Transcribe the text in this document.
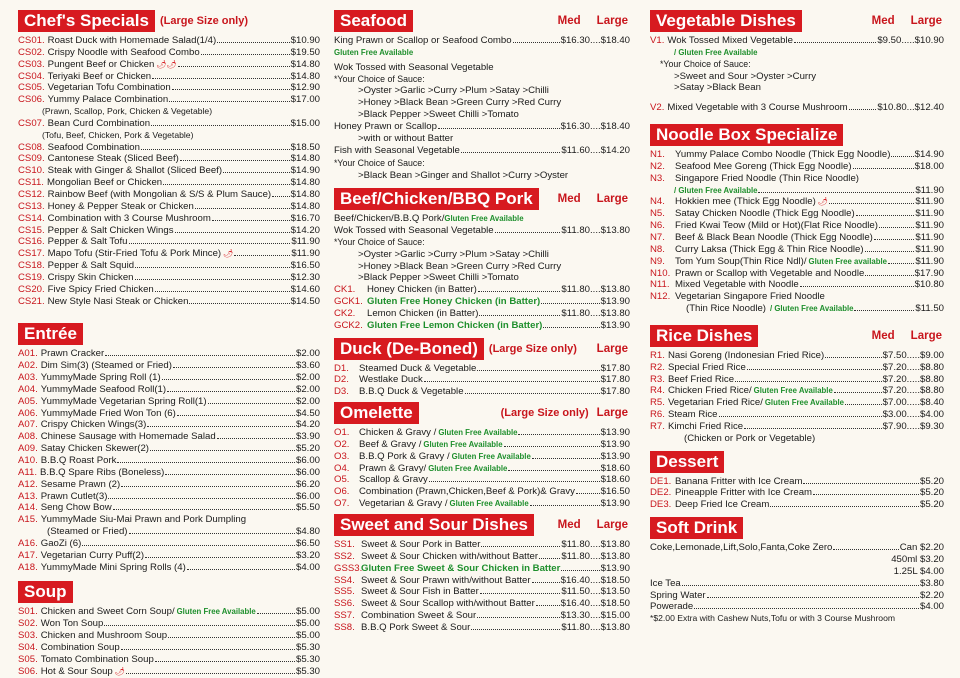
Chef's Specials	(Large Size only)
CS01. Roast Duck with Homemade Salad(1/4)	$10.90
CS02. Crispy Noodle with Seafood Combo	$19.50
CS03. Pungent Beef or Chicken 🌶🌶	$14.80
CS04. Teriyaki Beef or Chicken	$14.80
CS05. Vegetarian Tofu Combination	$12.90
CS06. Yummy Palace Combination	$17.00
(Prawn, Scallop, Pork, Chicken & Vegetable)
CS07. Bean Curd Combination	$15.00
(Tofu, Beef, Chicken, Pork & Vegetable)
CS08. Seafood Combination	$18.50
CS09. Cantonese Steak (Sliced Beef)	$14.80
CS10. Steak with Ginger & Shallot (Sliced Beef)	$14.90
CS11. Mongolian Beef or Chicken	$14.80
CS12. Rainbow Beef (with Mongolian & S/S & Plum Sauce) $14.80
CS13. Honey & Pepper Steak or Chicken	$14.80
CS14. Combination with 3 Course Mushroom	$16.70
CS15. Pepper & Salt Chicken Wings	$14.20
CS16. Pepper & Salt Tofu	$11.90
CS17. Mapo Tofu (Stir-Fried Tofu & Pork Mince) 🌶	$11.90
CS18. Pepper & Salt Squid	$16.50
CS19. Crispy Skin Chicken	$12.30
CS20. Five Spicy Fried Chicken	$14.60
CS21. New Style Nasi Steak or Chicken	$14.50
Entrée
A01. Prawn Cracker	$2.00
A02. Dim Sim(3) (Steamed or Fried)	$3.60
A03. YummyMade Spring Roll (1)	$2.00
A04. YummyMade Seafood Roll(1)	$2.00
A05. YummyMade Vegetarian Spring Roll(1)	$2.00
A06. YummyMade Fried Won Ton (6)	$4.50
A07. Crispy Chicken Wings(3)	$4.20
A08. Chinese Sausage with Homemade Salad	$3.90
A09. Satay Chicken Skewer(2)	$5.20
A10. B.B.Q Roast Pork	$6.00
A11. B.B.Q Spare Ribs (Boneless)	$6.00
A12. Sesame Prawn (2)	$6.20
A13. Prawn Cutlet(3)	$6.00
A14. Seng Chow Bow	$5.50
A15. YummyMade Siu-Mai Prawn and Pork Dumpling
(Steamed or Fried)	$4.80
A16. GaoZi (6)	$6.50
A17. Vegetarian Curry Puff(2)	$3.20
A18. YummyMade Mini Spring Rolls (4)	$4.00
Soup
S01. Chicken and Sweet Corn Soup/ Gluten Free Available	$5.00
S02. Won Ton Soup	$5.00
S03. Chicken and Mushroom Soup	$5.00
S04. Combination Soup	$5.30
S05. Tomato Combination Soup	$5.30
S06. Hot & Sour Soup 🌶	$5.30
Seafood	Med Large
King Prawn or Scallop or Seafood Combo	$16.30....$18.40
Gluten Free Available
Wok Tossed with Seasonal Vegetable
*Your Choice of Sauce:
>Oyster >Garlic >Curry >Plum >Satay >Chilli
>Honey >Black Bean >Green Curry >Red Curry
>Black Pepper >Sweet Chilli >Tomato
Honey Prawn or Scallop	$16.30....$18.40
>with or without Batter
Fish with Seasonal Vegetable	$11.60....$14.20
*Your Choice of Sauce:
>Black Bean >Ginger and Shallot >Curry >Oyster
Beef/Chicken/BBQ Pork	Med Large
Beef/Chicken/B.B.Q Pork/Gluten Free Available
Wok Tossed with Seasonal Vegetable	$11.80....$13.80
*Your Choice of Sauce:
>Oyster >Garlic >Curry >Plum >Satay >Chilli
>Honey >Black Bean >Green Curry >Red Curry
>Black Pepper >Sweet Chilli >Tomato
CK1.	Honey Chicken (in Batter)	$11.80....$13.80
GCK1. Gluten Free Honey Chicken (in Batter)	$13.90
CK2.	Lemon Chicken (in Batter)	$11.80....$13.80
GCK2. Gluten Free Lemon Chicken (in Batter)	$13.90
Duck (De-Boned)	(Large Size only) Large
D1.	Steamed Duck & Vegetable	$17.80
D2.	Westlake Duck	$17.80
D3.	B.B.Q Duck & Vegetable	$17.80
Omelette	(Large Size only) Large
O1. Chicken & Gravy / Gluten Free Available	$13.90
O2. Beef & Gravy / Gluten Free Available	$13.90
O3. B.B.Q Pork & Gravy / Gluten Free Available	$13.90
O4. Prawn & Gravy/ Gluten Free Available	$18.60
O5. Scallop & Gravy	$18.60
O6. Combination (Prawn,Chicken,Beef & Pork)& Gravy	$16.50
O7. Vegetarian & Gravy / Gluten Free Available	$13.90
Sweet and Sour Dishes	Med Large
SS1. Sweet & Sour Pork in Batter	$11.80....$13.80
SS2. Sweet & Sour Chicken with/without Batter $11.80....$13.80
GSS3.
Gluten Free Sweet & Sour Chicken in Batter	$13.90
SS4. Sweet & Sour Prawn with/without Batter	$16.40....$18.50
SS5. Sweet & Sour Fish in Batter	$11.50....$13.50
SS6. Sweet & Sour Scallop with/without Batter	$16.40....$18.50
SS7. Combination Sweet & Sour	$13.30....$15.00
SS8. B.B.Q Pork Sweet & Sour	$11.80....$13.80
Vegetable Dishes	Med Large
V1. Wok Tossed Mixed Vegetable	$9.50.....$10.90
/ Gluten Free Available
*Your Choice of Sauce:
>Sweet and Sour >Oyster >Curry
>Satay >Black Bean
V2. Mixed Vegetable with 3 Course Mushroom	$10.80...$12.40
Noodle Box Specialize
N1.	Yummy Palace Combo Noodle (Thick Egg Noodle)	$14.90
N2.	Seafood Mee Goreng (Thick Egg Noodle)	$18.00
N3.	Singapore Fried Noodle (Thin Rice Noodle)
/ Gluten Free Available	$11.90
N4.	Hokkien mee (Thick Egg Noodle) 🌶	$11.90
N5.	Satay Chicken Noodle (Thick Egg Noodle)	$11.90
N6.	Fried Kwai Teow (Mild or Hot)(Flat Rice Noodle)	$11.90
N7.	Beef & Black Bean Noodle (Thick Egg Noodle)	$11.90
N8.	Curry Laksa (Thick Egg & Thin Rice Noodle)	$11.90
N9.	Tom Yum Soup(Thin Rice Ndl)/ Gluten Free available	$11.90
N10. Prawn or Scallop with Vegetable and Noodle	$17.90
N11. Mixed Vegetable with Noodle	$10.80
N12. Vegetarian Singapore Fried Noodle
(Thin Rice Noodle) / Gluten Free Available	$11.50
Rice Dishes	Med Large
R1. Nasi Goreng (Indonesian Fried Rice)	$7.50.....$9.00
R2. Special Fried Rice	$7.20.....$8.80
R3. Beef Fried Rice	$7.20.....$8.80
R4. Chicken Fried Rice/ Gluten Free Available	$7.20.....$8.80
R5. Vegetarian Fried Rice/ Gluten Free Available	$7.00.....$8.40
R6. Steam Rice	$3.00.....$4.00
R7. Kimchi Fried Rice	$7.90.....$9.30
(Chicken or Pork or Vegetable)
Dessert
DE1. Banana Fritter with Ice Cream	$5.20
DE2. Pineapple Fritter with Ice Cream	$5.20
DE3. Deep Fried Ice Cream	$5.20
Soft Drink
Coke,Lemonade,Lift,Solo,Fanta,Coke Zero	Can $2.20
450ml $3.20
1.25L $4.00
Ice Tea	$3.80
Spring Water	$2.20
Powerade	$4.00
*$2.00 Extra with Cashew Nuts,Tofu or with 3 Course Mushroom
